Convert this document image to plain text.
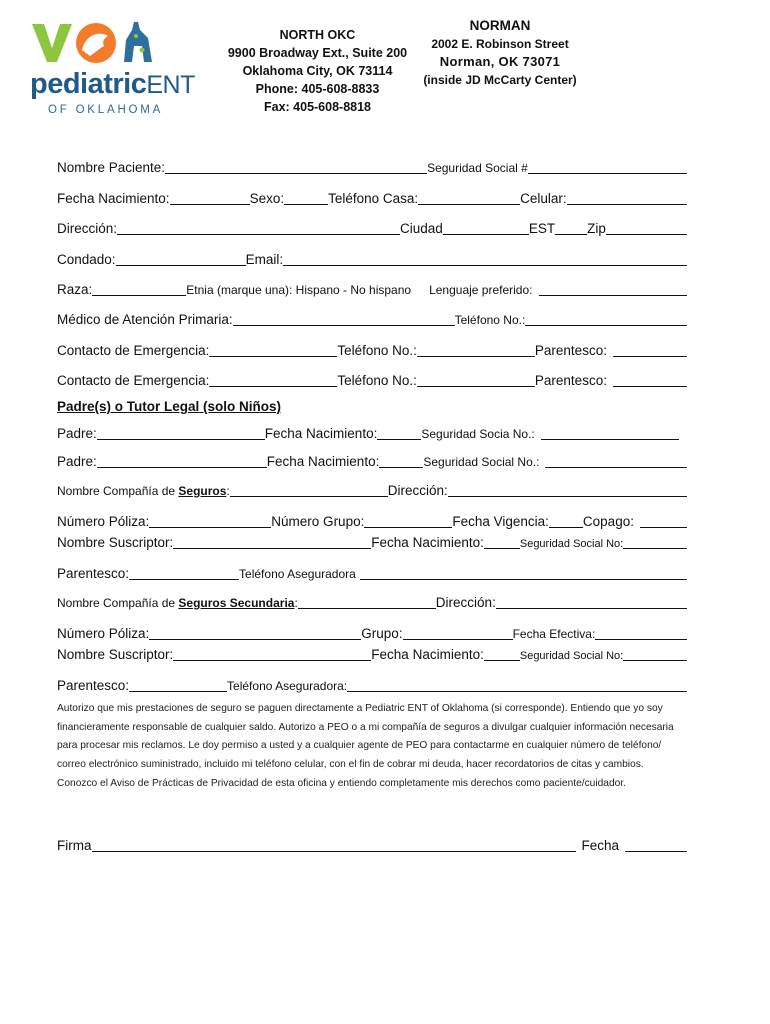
pediatricENT
OF OKLAHOMA
NORTH OKC
9900 Broadway Ext., Suite 200
Oklahoma City, OK 73114
Phone: 405-608-8833
Fax: 405-608-8818
NORMAN
2002 E. Robinson Street
Norman, OK 73071
(inside JD McCarty Center)
Nombre Paciente:	Seguridad Social #
Fecha Nacimiento:	Sexo:	Teléfono Casa:	Celular:
Dirección:	Ciudad	EST Zip
Condado:	Email:
Raza:	Etnia (marque una): Hispano - No hispano Lenguaje preferido:
Médico de Atención Primaria:	Teléfono No.:
Contacto de Emergencia:	Teléfono No.:	Parentesco:
Contacto de Emergencia:	Teléfono No.:	Parentesco:
Padre(s) o Tutor Legal (solo Niños)
Padre:	Fecha Nacimiento:	Seguridad Socia No.:
Padre:	Fecha Nacimiento:	Seguridad Social No.:
Nombre Compañía de Seguros:	Dirección:
Número Póliza:	Número Grupo:	Fecha Vigencia:	Copago:
Nombre Suscriptor:	Fecha Nacimiento:	Seguridad Social No:
Parentesco:	Teléfono Aseguradora
Nombre Compañía de Seguros Secundaria:	Dirección:
Número Póliza:	Grupo:	Fecha Efectiva:
Nombre Suscriptor:	Fecha Nacimiento:	Seguridad Social No:
Parentesco:	Teléfono Aseguradora:

Autorizo que mis prestaciones de seguro se paguen directamente a Pediatric ENT of Oklahoma (si corresponde). Entiendo que yo soy

financieramente responsable de cualquier saldo. Autorizo a PEO o a mi compañía de seguros a divulgar cualquier información necesaria

para procesar mis reclamos. Le doy permiso a usted y a cualquier agente de PEO para contactarme en cualquier número de teléfono/

correo electrónico suministrado, incluido mi teléfono celular, con el fin de cobrar mi deuda, hacer recordatorios de citas y cambios.

Conozco el Aviso de Prácticas de Privacidad de esta oficina y entiendo completamente mis derechos como paciente/cuidador.

Firma	Fecha
